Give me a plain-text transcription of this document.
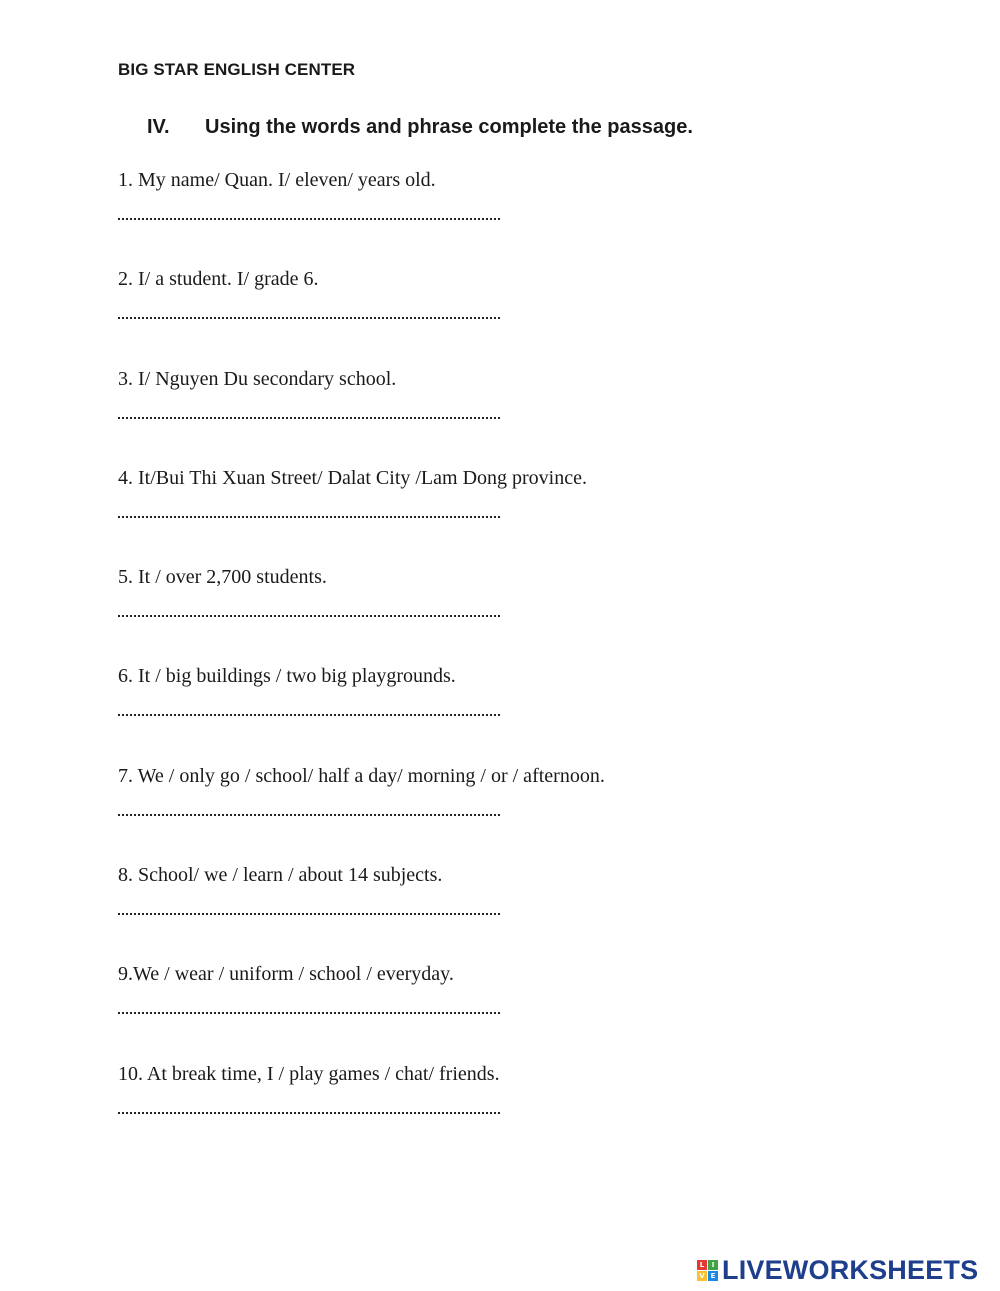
BIG STAR ENGLISH CENTER
IV.	Using the words and phrase complete the passage.
1. My name/ Quan. I/ eleven/ years old.
2. I/ a student. I/ grade 6.
3. I/ Nguyen Du secondary school.
4. It/Bui Thi Xuan Street/ Dalat City /Lam Dong province.
5. It / over 2,700 students.
6. It / big buildings / two big playgrounds.
7. We / only go / school/ half a day/ morning / or / afternoon.
8. School/ we / learn / about 14 subjects.
9.We / wear / uniform / school / everyday.
10. At break time, I / play games / chat/ friends.
L	I
V E LIVEWORKSHEETS
